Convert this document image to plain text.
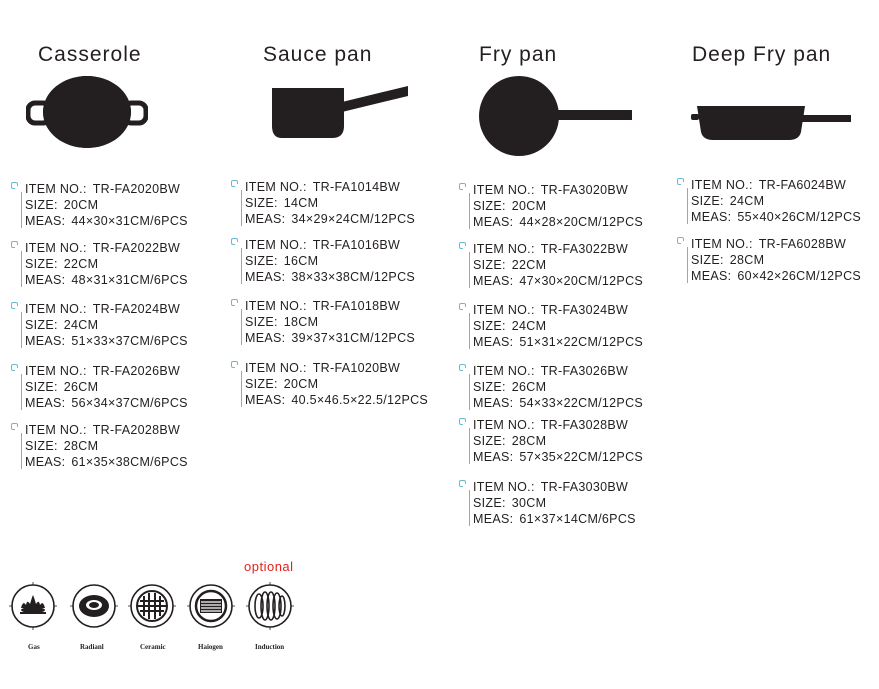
Casserole	Sauce pan	Fry pan	Deep Fry pan
ITEM NO.: TR-FA2020BW
SIZE: 20CM
MEAS: 44×30×31CM/6PCS
ITEM NO.: TR-FA2022BW
SIZE: 22CM
MEAS: 48×31×31CM/6PCS
ITEM NO.: TR-FA2024BW
SIZE: 24CM
MEAS: 51×33×37CM/6PCS
ITEM NO.: TR-FA2026BW
SIZE: 26CM
MEAS: 56×34×37CM/6PCS
ITEM NO.: TR-FA2028BW
SIZE: 28CM
MEAS: 61×35×38CM/6PCS
ITEM NO.: TR-FA1014BW
SIZE: 14CM
MEAS: 34×29×24CM/12PCS
ITEM NO.: TR-FA1016BW
SIZE: 16CM
MEAS: 38×33×38CM/12PCS
ITEM NO.: TR-FA1018BW
SIZE: 18CM
MEAS: 39×37×31CM/12PCS
ITEM NO.: TR-FA1020BW
SIZE: 20CM
MEAS: 40.5×46.5×22.5/12PCS
ITEM NO.: TR-FA3020BW
SIZE: 20CM
MEAS: 44×28×20CM/12PCS
ITEM NO.: TR-FA3022BW
SIZE: 22CM
MEAS: 47×30×20CM/12PCS
ITEM NO.: TR-FA3024BW
SIZE: 24CM
MEAS: 51×31×22CM/12PCS
ITEM NO.: TR-FA3026BW
SIZE: 26CM
MEAS: 54×33×22CM/12PCS
ITEM NO.: TR-FA3028BW
SIZE: 28CM
MEAS: 57×35×22CM/12PCS
ITEM NO.: TR-FA3030BW
SIZE: 30CM
MEAS: 61×37×14CM/6PCS
ITEM NO.: TR-FA6024BW
SIZE: 24CM
MEAS: 55×40×26CM/12PCS
ITEM NO.: TR-FA6028BW
SIZE: 28CM
MEAS: 60×42×26CM/12PCS
optional
Gas	Radianl	Ceramic	Haiogen	Induction
